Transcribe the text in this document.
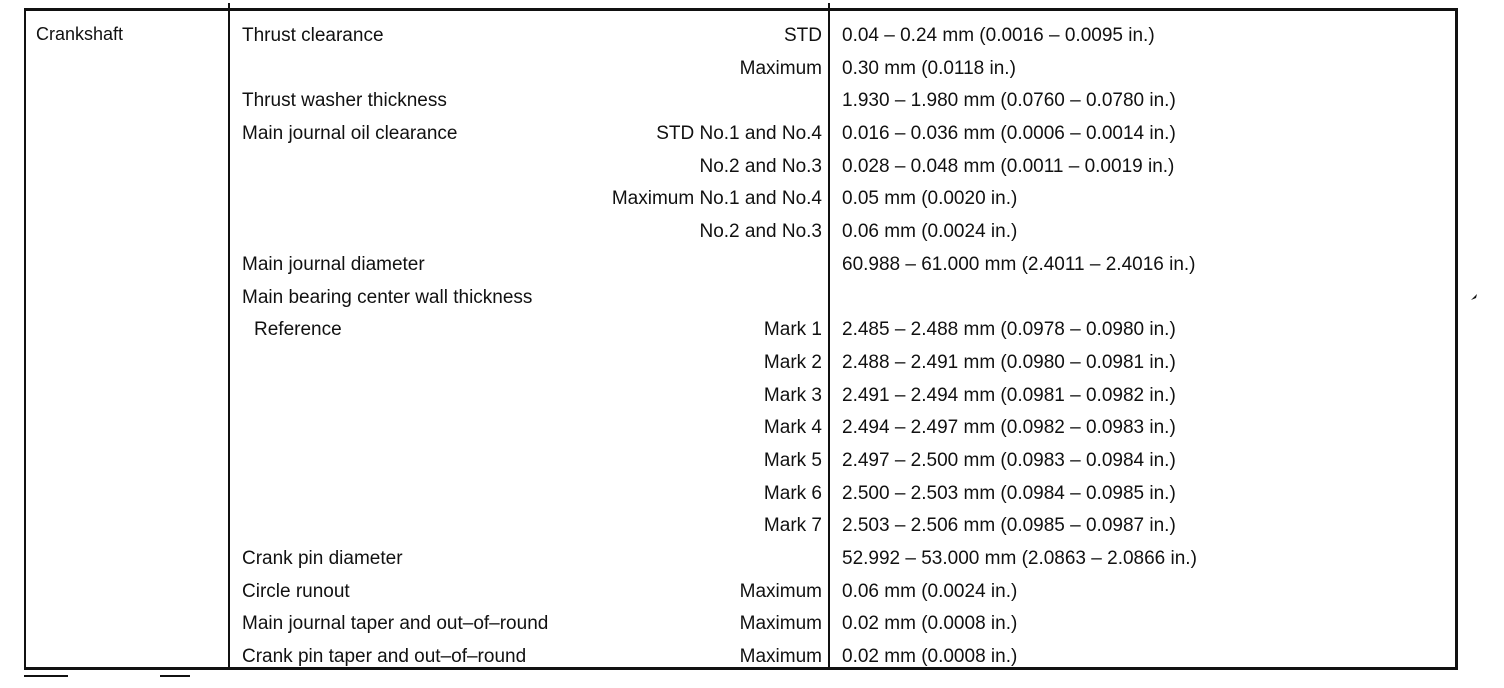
Crankshaft	Thrust clearance	STD 0.04 – 0.24 mm (0.0016 – 0.0095 in.)
Maximum 0.30 mm (0.0118 in.)
Thrust washer thickness	1.930 – 1.980 mm (0.0760 – 0.0780 in.)
Main journal oil clearance	STD No.1 and No.4 0.016 – 0.036 mm (0.0006 – 0.0014 in.)
No.2 and No.3 0.028 – 0.048 mm (0.0011 – 0.0019 in.)
Maximum No.1 and No.4 0.05 mm (0.0020 in.)
No.2 and No.3 0.06 mm (0.0024 in.)
Main journal diameter	60.988 – 61.000 mm (2.4011 – 2.4016 in.)
Main bearing center wall thickness
Reference	Mark 1 2.485 – 2.488 mm (0.0978 – 0.0980 in.)
Mark 2 2.488 – 2.491 mm (0.0980 – 0.0981 in.)
Mark 3 2.491 – 2.494 mm (0.0981 – 0.0982 in.)
Mark 4 2.494 – 2.497 mm (0.0982 – 0.0983 in.)
Mark 5 2.497 – 2.500 mm (0.0983 – 0.0984 in.)
Mark 6 2.500 – 2.503 mm (0.0984 – 0.0985 in.)
Mark 7 2.503 – 2.506 mm (0.0985 – 0.0987 in.)
Crank pin diameter	52.992 – 53.000 mm (2.0863 – 2.0866 in.)
Circle runout	Maximum 0.06 mm (0.0024 in.)
Main journal taper and out–of–round	Maximum 0.02 mm (0.0008 in.)
Crank pin taper and out–of–round	Maximum 0.02 mm (0.0008 in.)
